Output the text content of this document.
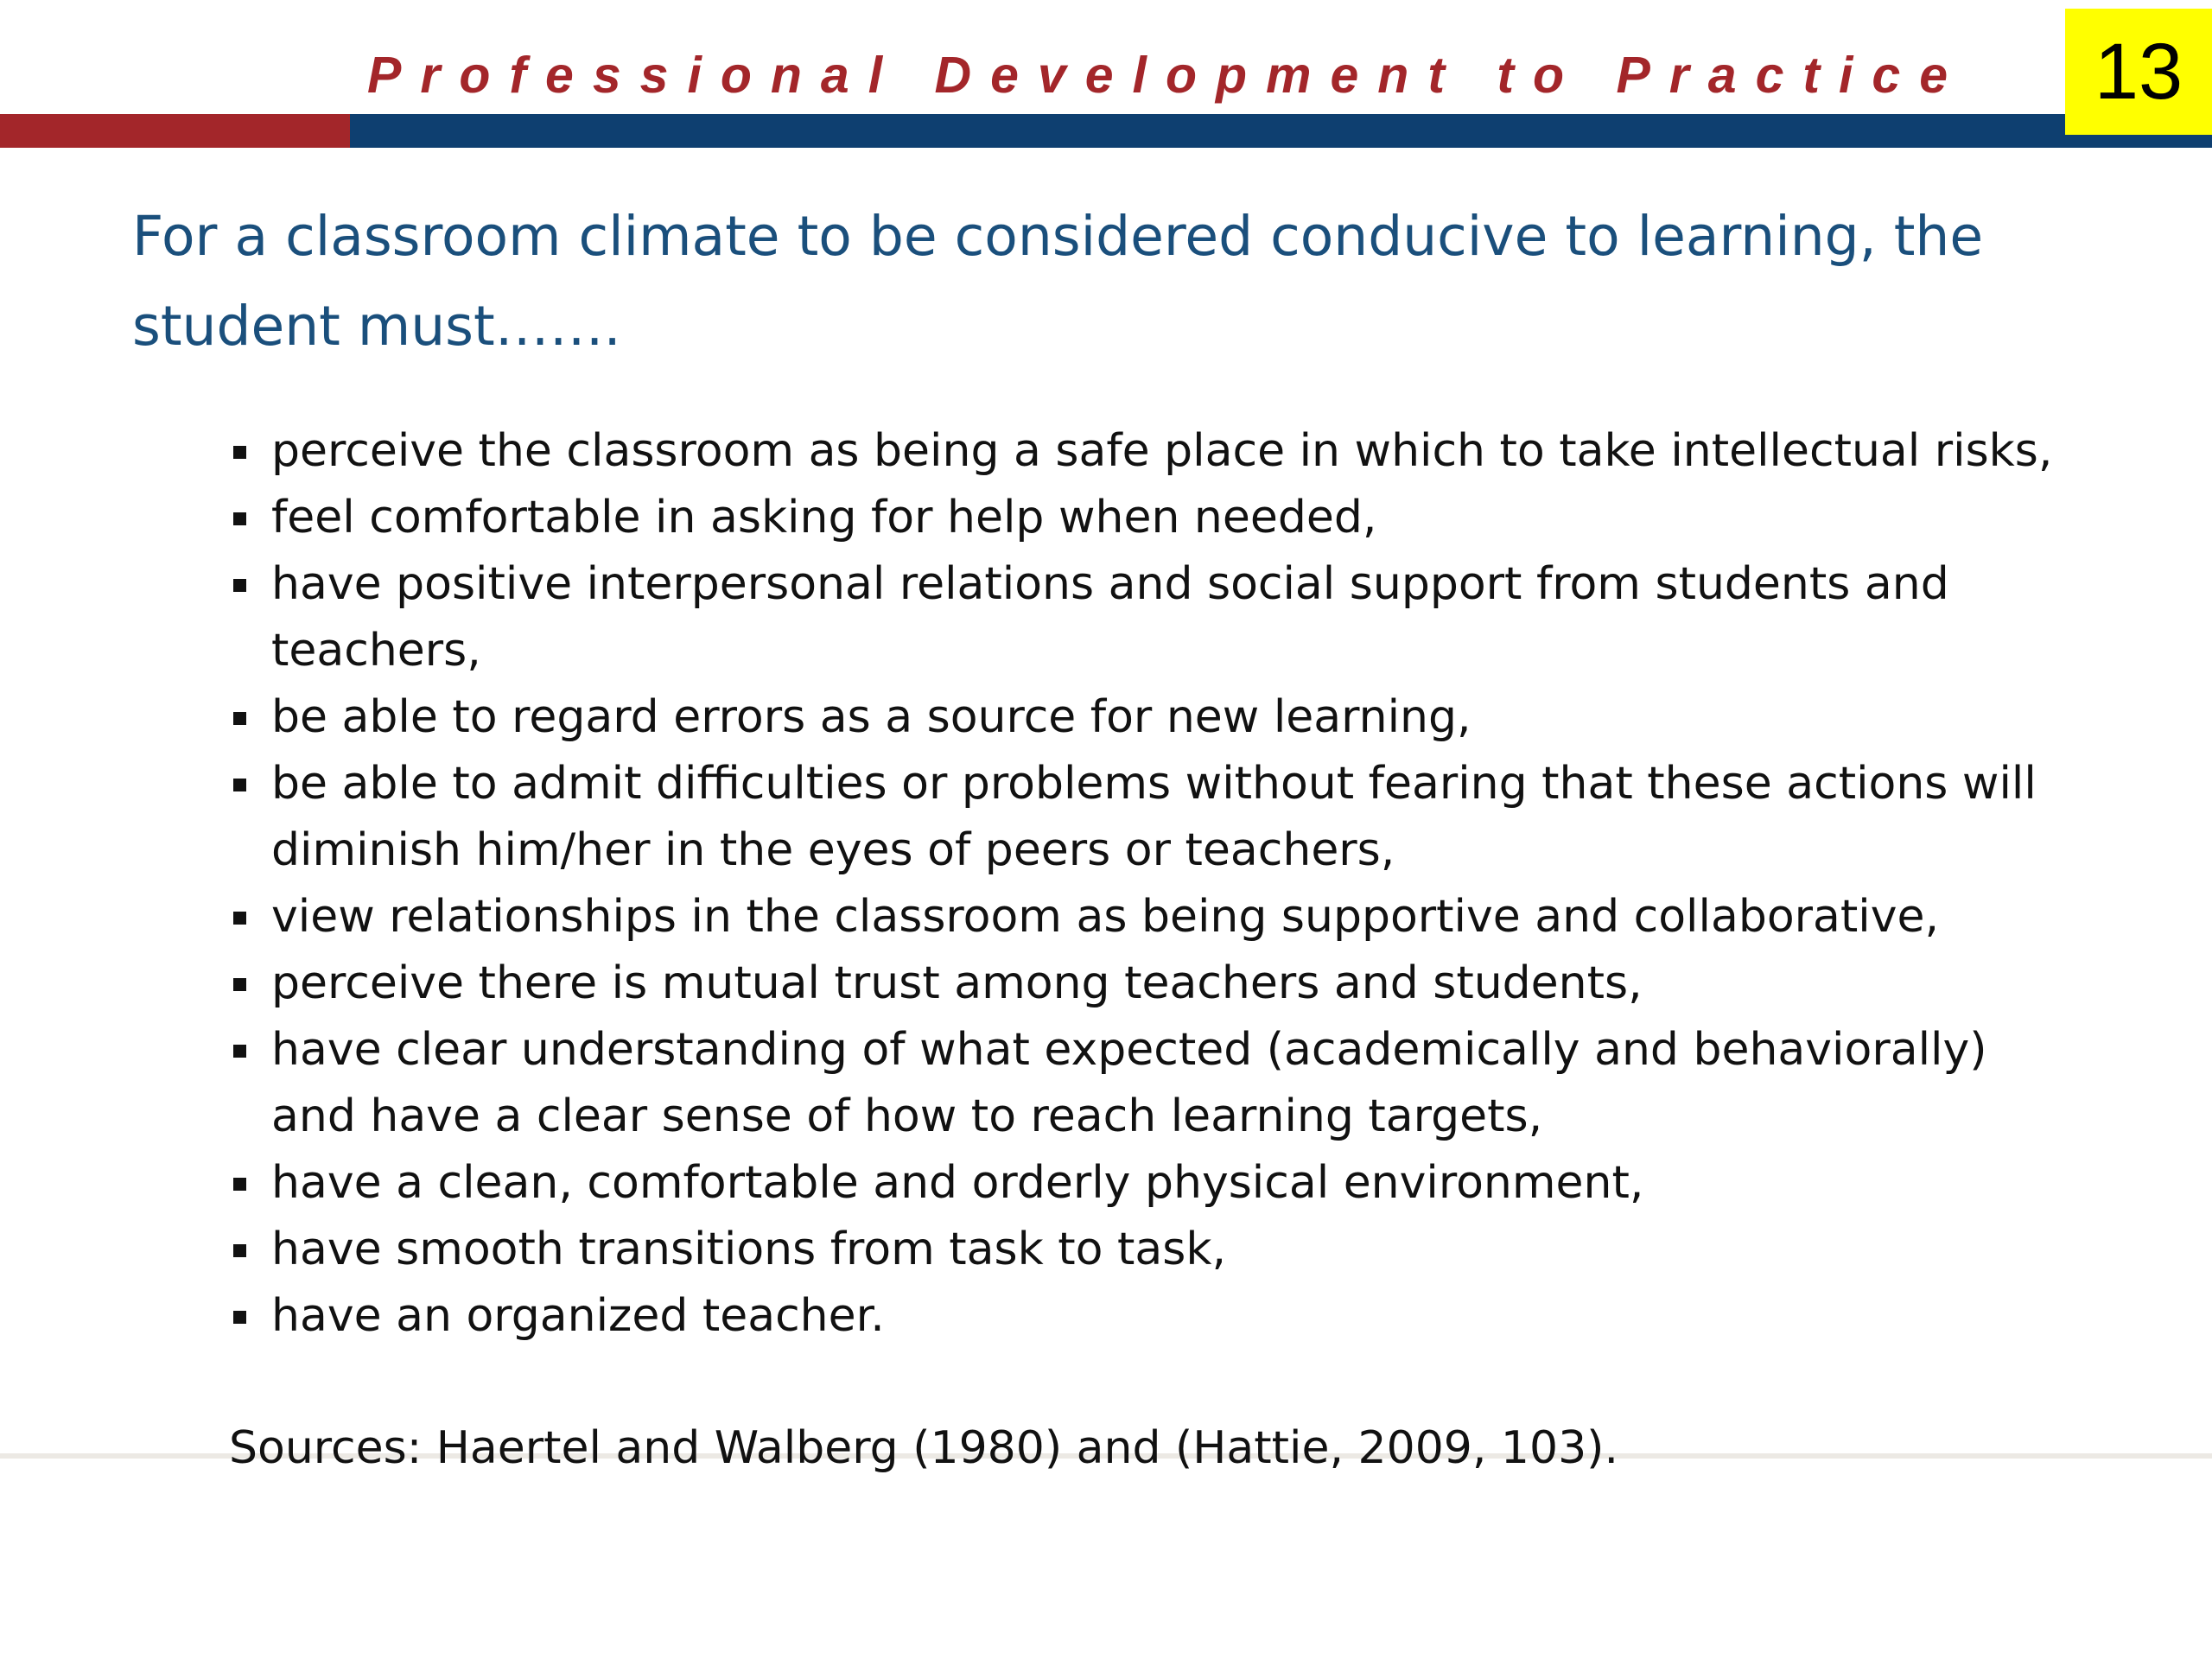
Professional Development to Practice	13
For a classroom climate to be considered conducive to learning, the student must…….
perceive the classroom as being a safe place in which to take intellectual risks,
feel comfortable in asking for help when needed,
have positive interpersonal relations and social support from students and teachers,
be able to regard errors as a source for new learning,
be able to admit difficulties or problems without fearing that these actions will diminish him/her in the eyes of peers or teachers,
view relationships in the classroom as being supportive and collaborative,
perceive there is mutual trust among teachers and students,
have clear understanding of what expected (academically and behaviorally) and have a clear sense of how to reach learning targets,
have a clean, comfortable and orderly physical environment,
have smooth transitions from task to task,
have an organized teacher.
Sources: Haertel and Walberg (1980) and (Hattie, 2009, 103).
